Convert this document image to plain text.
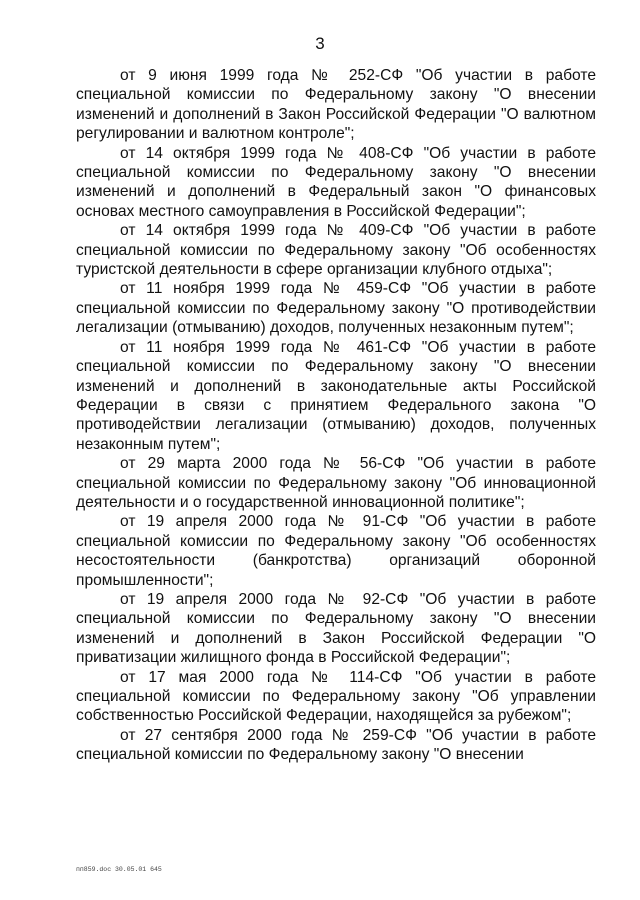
3

от 9 июня 1999 года № 252-СФ "Об участии в работе специальной комиссии по Федеральному закону "О внесении изменений и дополнений в Закон Российской Федерации "О валютном регулировании и валютном контроле";

от 14 октября 1999 года № 408-СФ "Об участии в работе специальной комиссии по Федеральному закону "О внесении изменений и дополнений в Федеральный закон "О финансовых основах местного самоуправления в Российской Федерации";

от 14 октября 1999 года № 409-СФ "Об участии в работе специальной комиссии по Федеральному закону "Об особенностях туристской деятельности в сфере организации клубного отдыха";

от 11 ноября 1999 года № 459-СФ "Об участии в работе специальной комиссии по Федеральному закону "О противодействии легализации (отмыванию) доходов, полученных незаконным путем";

от 11 ноября 1999 года № 461-СФ "Об участии в работе специальной комиссии по Федеральному закону "О внесении изменений и дополнений в законодательные акты Российской Федерации в связи с принятием Федерального закона "О противодействии легализации (отмыванию) доходов, полученных незаконным путем";

от 29 марта 2000 года № 56-СФ "Об участии в работе специальной комиссии по Федеральному закону "Об инновационной деятельности и о государственной инновационной политике";

от 19 апреля 2000 года № 91-СФ "Об участии в работе специальной комиссии по Федеральному закону "Об особенностях несостоятельности (банкротства) организаций оборонной промышленности";

от 19 апреля 2000 года № 92-СФ "Об участии в работе специальной комиссии по Федеральному закону "О внесении изменений и дополнений в Закон Российской Федерации "О приватизации жилищного фонда в Российской Федерации";

от 17 мая 2000 года № 114-СФ "Об участии в работе специальной комиссии по Федеральному закону "Об управлении собственностью Российской Федерации, находящейся за рубежом";

от 27 сентября 2000 года № 259-СФ "Об участии в работе специальной комиссии по Федеральному закону "О внесении

пп859.doc 30.05.01 645
